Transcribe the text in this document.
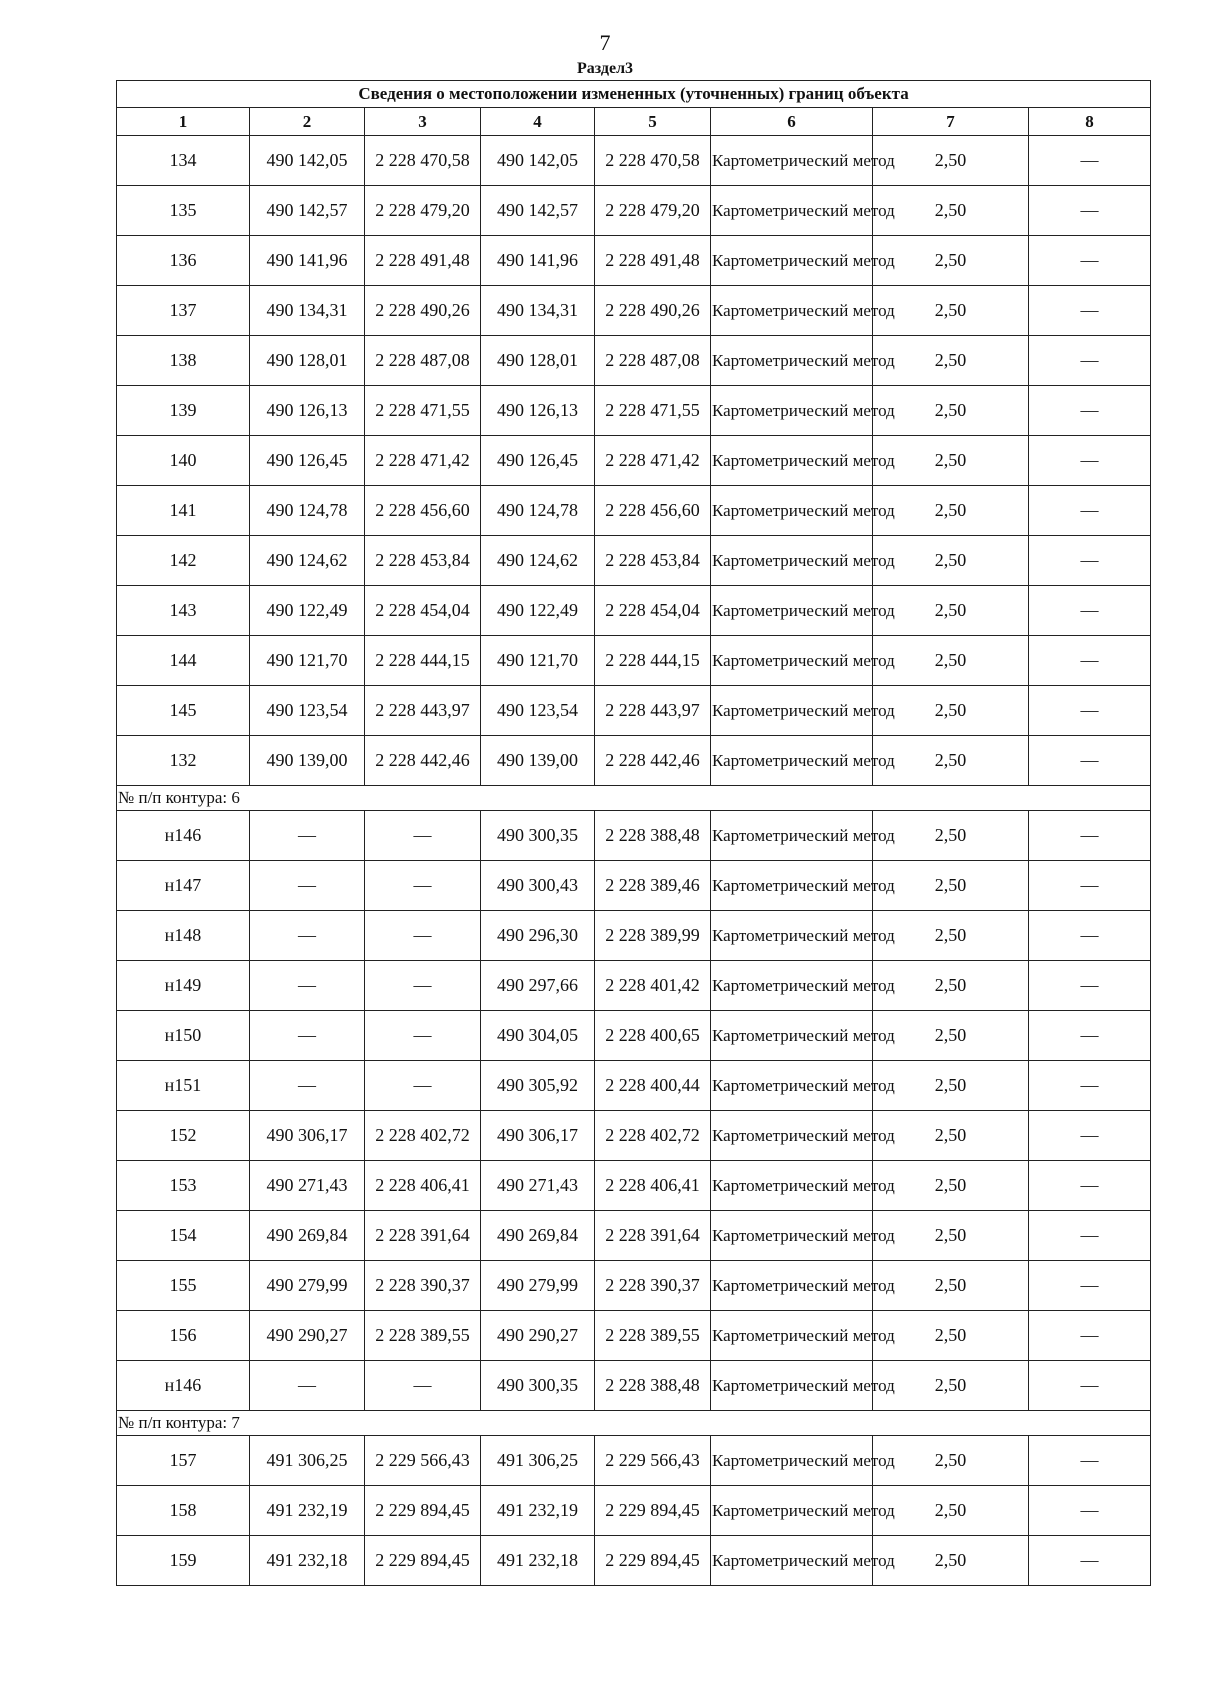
7
Раздел3
Сведения о местоположении измененных (уточненных) границ объекта							
1	2	3	4	5	6	7	8
134	490 142,05	2 228 470,58	490 142,05	2 228 470,58	Картометрический метод	2,50	—
135	490 142,57	2 228 479,20	490 142,57	2 228 479,20	Картометрический метод	2,50	—
136	490 141,96	2 228 491,48	490 141,96	2 228 491,48	Картометрический метод	2,50	—
137	490 134,31	2 228 490,26	490 134,31	2 228 490,26	Картометрический метод	2,50	—
138	490 128,01	2 228 487,08	490 128,01	2 228 487,08	Картометрический метод	2,50	—
139	490 126,13	2 228 471,55	490 126,13	2 228 471,55	Картометрический метод	2,50	—
140	490 126,45	2 228 471,42	490 126,45	2 228 471,42	Картометрический метод	2,50	—
141	490 124,78	2 228 456,60	490 124,78	2 228 456,60	Картометрический метод	2,50	—
142	490 124,62	2 228 453,84	490 124,62	2 228 453,84	Картометрический метод	2,50	—
143	490 122,49	2 228 454,04	490 122,49	2 228 454,04	Картометрический метод	2,50	—
144	490 121,70	2 228 444,15	490 121,70	2 228 444,15	Картометрический метод	2,50	—
145	490 123,54	2 228 443,97	490 123,54	2 228 443,97	Картометрический метод	2,50	—
132	490 139,00	2 228 442,46	490 139,00	2 228 442,46	Картометрический метод	2,50	—
№ п/п контура: 6							
н146	—	—	490 300,35	2 228 388,48	Картометрический метод	2,50	—
н147	—	—	490 300,43	2 228 389,46	Картометрический метод	2,50	—
н148	—	—	490 296,30	2 228 389,99	Картометрический метод	2,50	—
н149	—	—	490 297,66	2 228 401,42	Картометрический метод	2,50	—
н150	—	—	490 304,05	2 228 400,65	Картометрический метод	2,50	—
н151	—	—	490 305,92	2 228 400,44	Картометрический метод	2,50	—
152	490 306,17	2 228 402,72	490 306,17	2 228 402,72	Картометрический метод	2,50	—
153	490 271,43	2 228 406,41	490 271,43	2 228 406,41	Картометрический метод	2,50	—
154	490 269,84	2 228 391,64	490 269,84	2 228 391,64	Картометрический метод	2,50	—
155	490 279,99	2 228 390,37	490 279,99	2 228 390,37	Картометрический метод	2,50	—
156	490 290,27	2 228 389,55	490 290,27	2 228 389,55	Картометрический метод	2,50	—
н146	—	—	490 300,35	2 228 388,48	Картометрический метод	2,50	—
№ п/п контура: 7							
157	491 306,25	2 229 566,43	491 306,25	2 229 566,43	Картометрический метод	2,50	—
158	491 232,19	2 229 894,45	491 232,19	2 229 894,45	Картометрический метод	2,50	—
159	491 232,18	2 229 894,45	491 232,18	2 229 894,45	Картометрический метод	2,50	—
